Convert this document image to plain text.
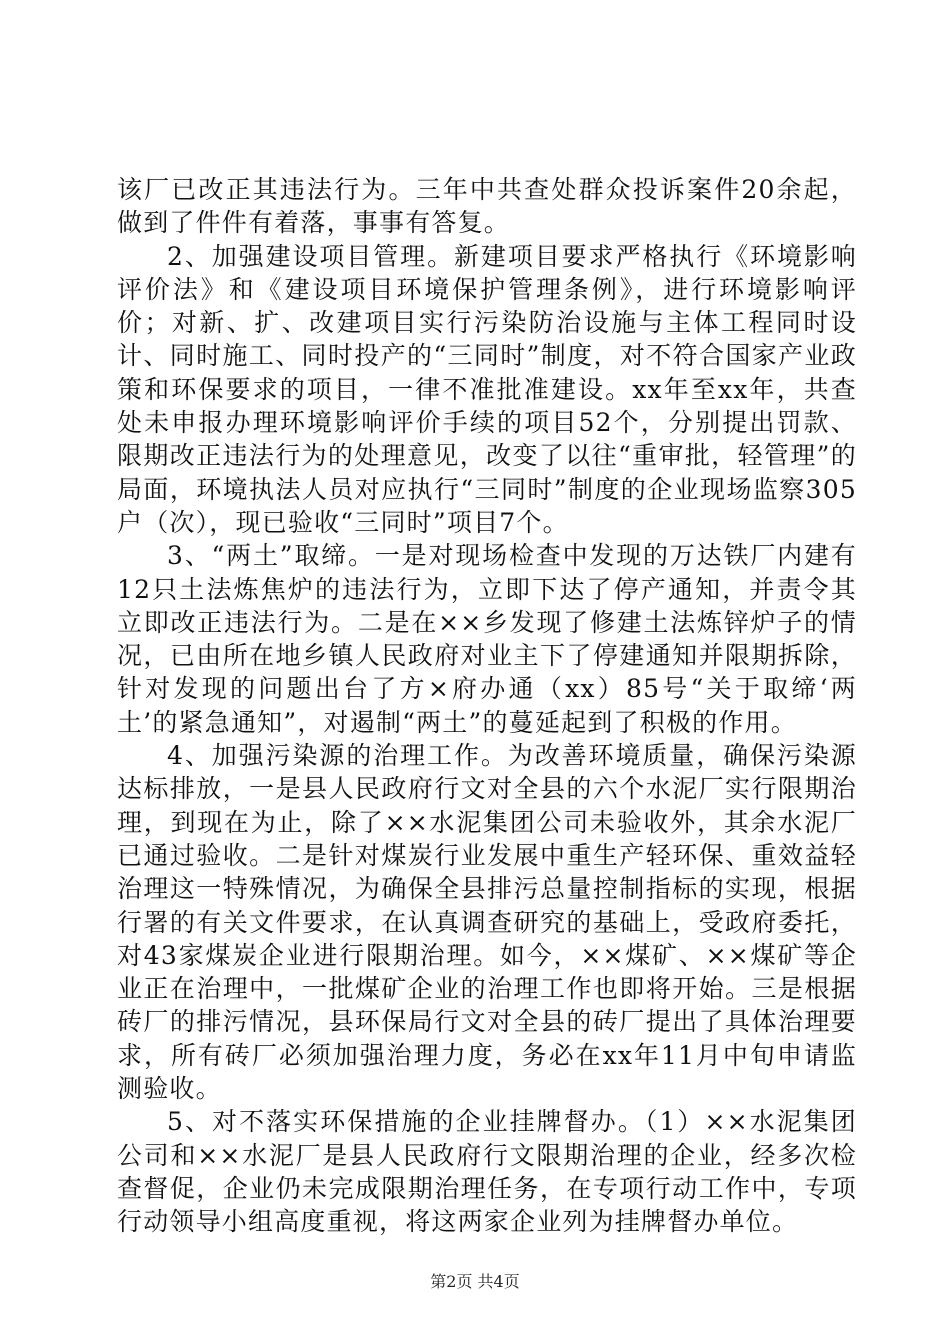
该厂已改正其违法行为。三年中共查处群众投诉案件20余起，做到了件件有着落，事事有答复。

2、加强建设项目管理。新建项目要求严格执行《环境影响评价法》和《建设项目环境保护管理条例》，进行环境影响评价；对新、扩、改建项目实行污染防治设施与主体工程同时设计、同时施工、同时投产的“三同时”制度，对不符合国家产业政策和环保要求的项目，一律不准批准建设。xx年至xx年，共查处未申报办理环境影响评价手续的项目52个，分别提出罚款、限期改正违法行为的处理意见，改变了以往“重审批，轻管理”的局面，环境执法人员对应执行“三同时”制度的企业现场监察305户（次），现已验收“三同时”项目7个。

3、“两土”取缔。一是对现场检查中发现的万达铁厂内建有12只土法炼焦炉的违法行为，立即下达了停产通知，并责令其立即改正违法行为。二是在××乡发现了修建土法炼锌炉子的情况，已由所在地乡镇人民政府对业主下了停建通知并限期拆除，针对发现的问题出台了方×府办通（xx）85号“关于取缔‘两土’的紧急通知”，对遏制“两土”的蔓延起到了积极的作用。

4、加强污染源的治理工作。为改善环境质量，确保污染源达标排放，一是县人民政府行文对全县的六个水泥厂实行限期治理，到现在为止，除了××水泥集团公司未验收外，其余水泥厂已通过验收。二是针对煤炭行业发展中重生产轻环保、重效益轻治理这一特殊情况，为确保全县排污总量控制指标的实现，根据行署的有关文件要求，在认真调查研究的基础上，受政府委托，对43家煤炭企业进行限期治理。如今，××煤矿、××煤矿等企业正在治理中，一批煤矿企业的治理工作也即将开始。三是根据砖厂的排污情况，县环保局行文对全县的砖厂提出了具体治理要求，所有砖厂必须加强治理力度，务必在xx年11月中旬申请监测验收。

5、对不落实环保措施的企业挂牌督办。（1）××水泥集团公司和××水泥厂是县人民政府行文限期治理的企业，经多次检查督促，企业仍未完成限期治理任务，在专项行动工作中，专项行动领导小组高度重视，将这两家企业列为挂牌督办单位。

第2页 共4页
